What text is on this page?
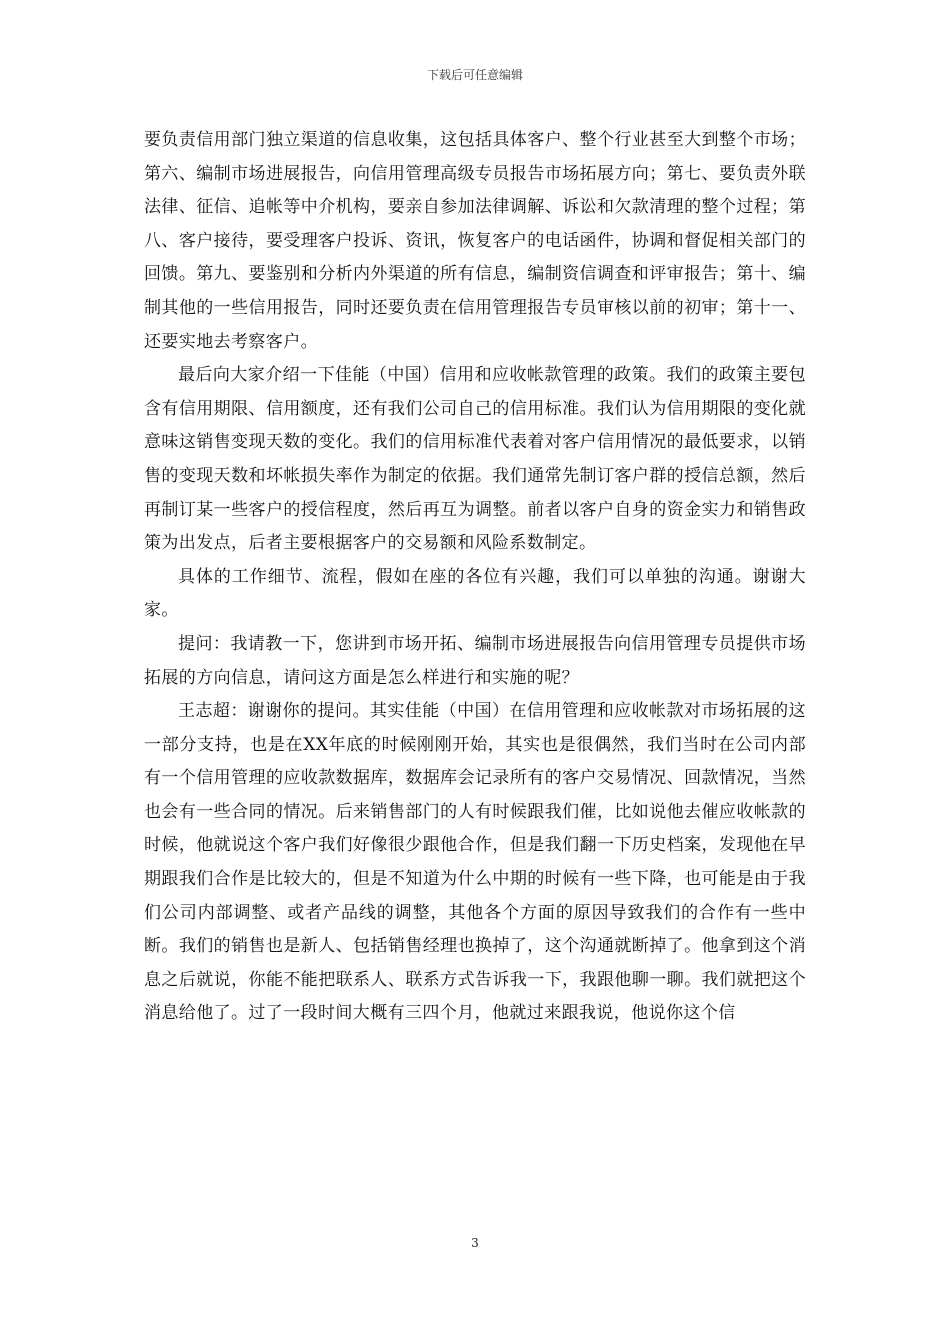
下载后可任意编辑

要负责信用部门独立渠道的信息收集，这包括具体客户、整个行业甚至大到整个市场；第六、编制市场进展报告，向信用管理高级专员报告市场拓展方向；第七、要负责外联法律、征信、追帐等中介机构，要亲自参加法律调解、诉讼和欠款清理的整个过程；第八、客户接待，要受理客户投诉、资讯，恢复客户的电话函件，协调和督促相关部门的回馈。第九、要鉴别和分析内外渠道的所有信息，编制资信调查和评审报告；第十、编制其他的一些信用报告，同时还要负责在信用管理报告专员审核以前的初审；第十一、还要实地去考察客户。

最后向大家介绍一下佳能（中国）信用和应收帐款管理的政策。我们的政策主要包含有信用期限、信用额度，还有我们公司自己的信用标准。我们认为信用期限的变化就意味这销售变现天数的变化。我们的信用标准代表着对客户信用情况的最低要求，以销售的变现天数和坏帐损失率作为制定的依据。我们通常先制订客户群的授信总额，然后再制订某一些客户的授信程度，然后再互为调整。前者以客户自身的资金实力和销售政策为出发点，后者主要根据客户的交易额和风险系数制定。

具体的工作细节、流程，假如在座的各位有兴趣，我们可以单独的沟通。谢谢大家。

提问：我请教一下，您讲到市场开拓、编制市场进展报告向信用管理专员提供市场拓展的方向信息，请问这方面是怎么样进行和实施的呢？

王志超：谢谢你的提问。其实佳能（中国）在信用管理和应收帐款对市场拓展的这一部分支持，也是在XX年底的时候刚刚开始，其实也是很偶然，我们当时在公司内部有一个信用管理的应收款数据库，数据库会记录所有的客户交易情况、回款情况，当然也会有一些合同的情况。后来销售部门的人有时候跟我们催，比如说他去催应收帐款的时候，他就说这个客户我们好像很少跟他合作，但是我们翻一下历史档案，发现他在早期跟我们合作是比较大的，但是不知道为什么中期的时候有一些下降，也可能是由于我们公司内部调整、或者产品线的调整，其他各个方面的原因导致我们的合作有一些中断。我们的销售也是新人、包括销售经理也换掉了，这个沟通就断掉了。他拿到这个消息之后就说，你能不能把联系人、联系方式告诉我一下，我跟他聊一聊。我们就把这个消息给他了。过了一段时间大概有三四个月，他就过来跟我说，他说你这个信

3
